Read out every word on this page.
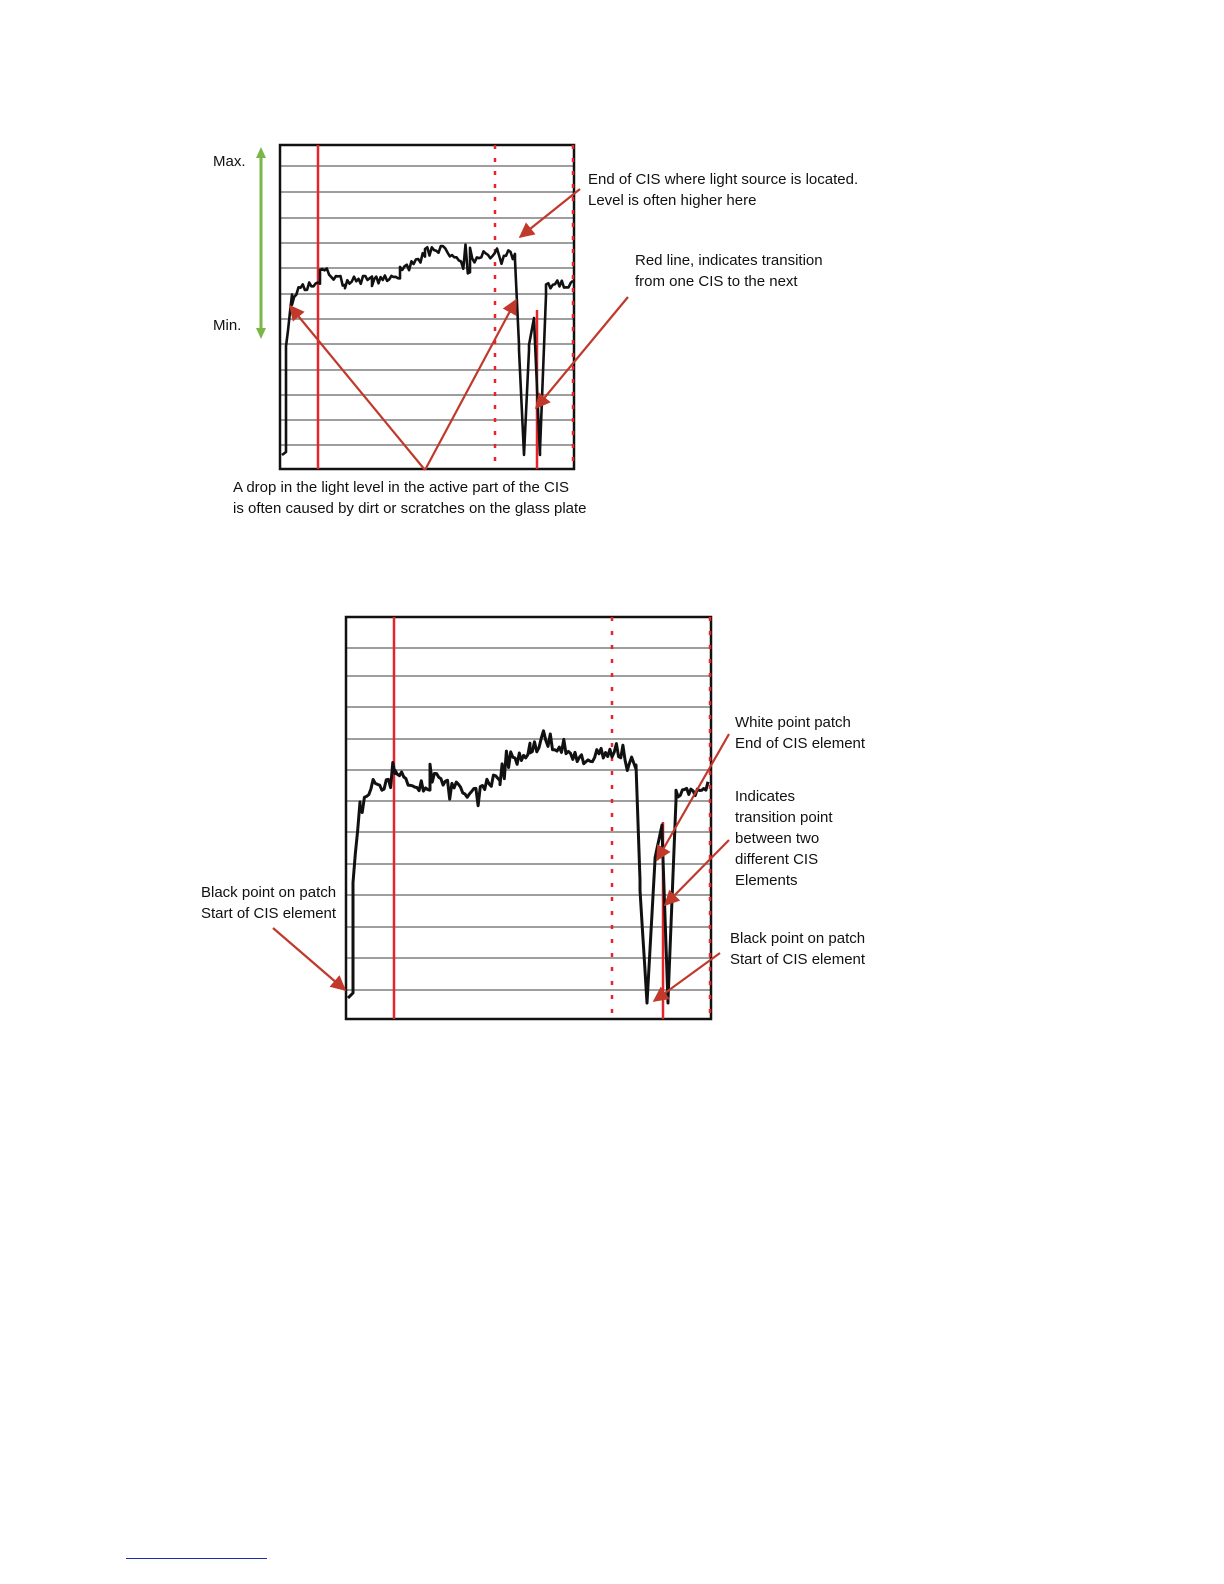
Max.
Min.
End of CIS where light source is located.
Level is often higher here
Red line, indicates transition
from one CIS to the next
A drop in the light level in the active part of the CIS
is often caused by dirt or scratches on the glass plate
White point patch
End of CIS element
Indicates
transition point
between two
different CIS
Elements
Black point on patch
Start of CIS element
Black point on patch
Start of CIS element
